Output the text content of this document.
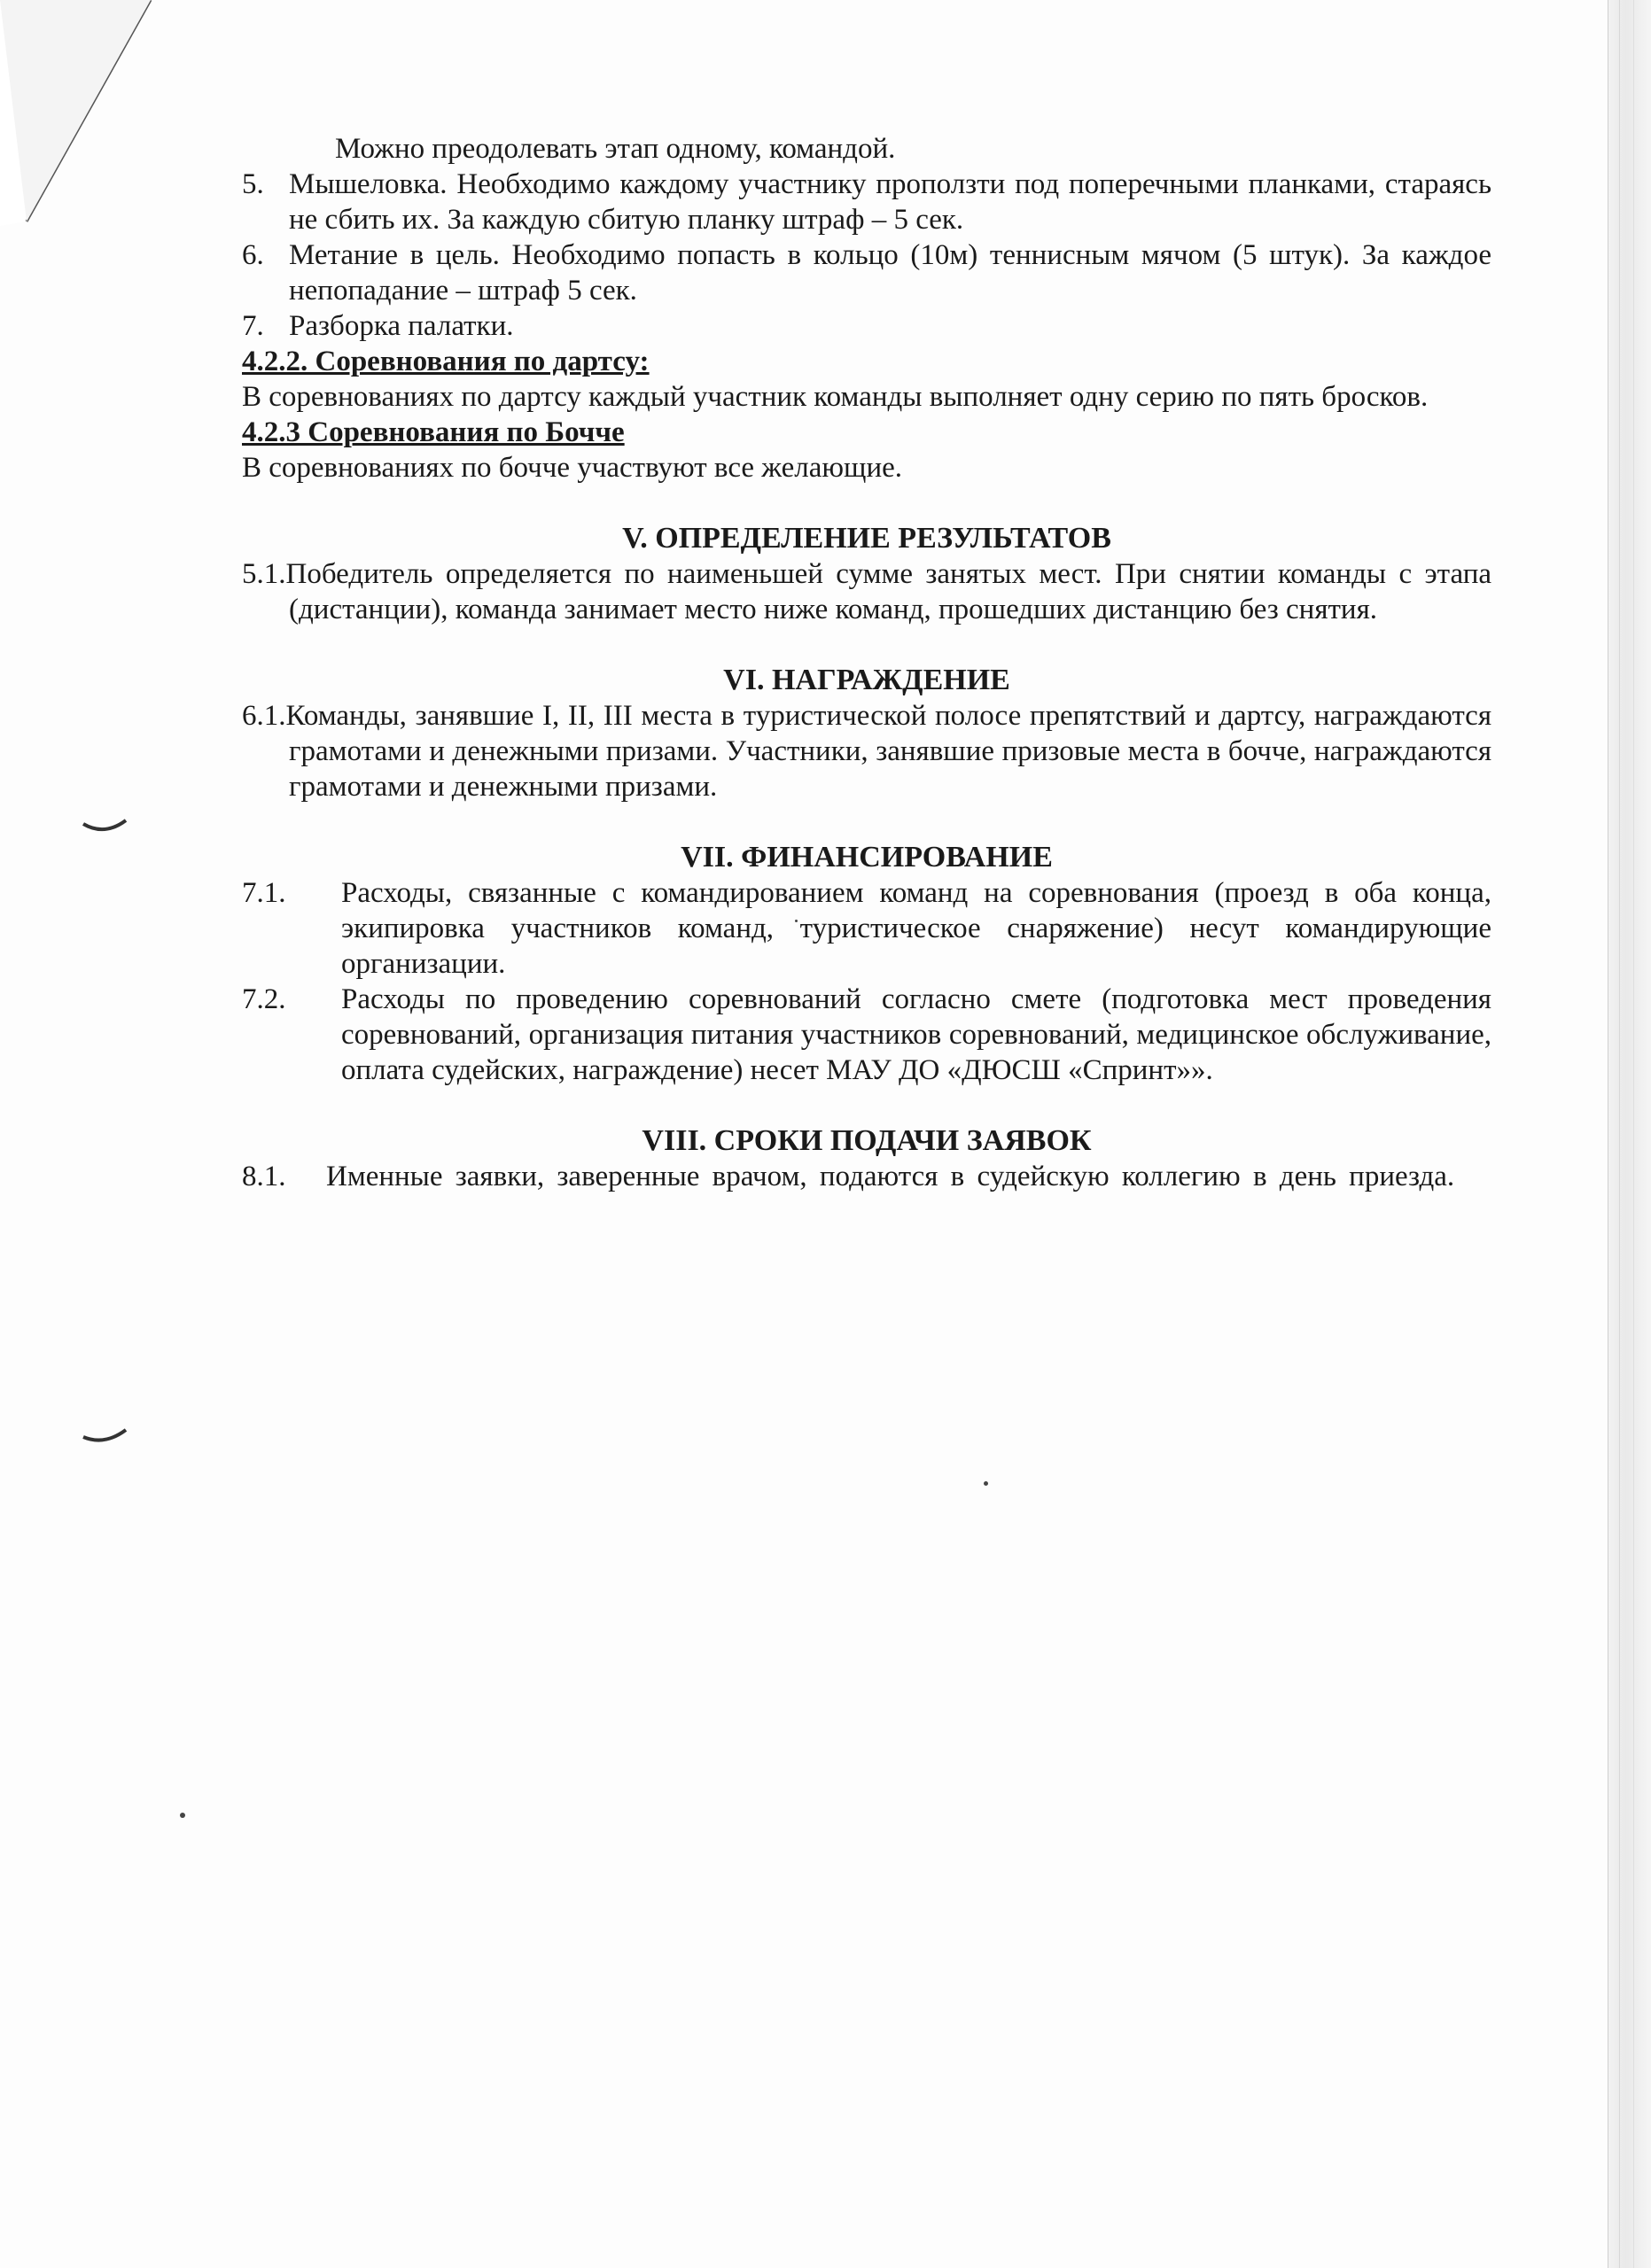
Можно преодолевать этап одному, командой.

5. Мышеловка. Необходимо каждому участнику проползти под поперечными планками, стараясь не сбить их. За каждую сбитую планку штраф – 5 сек.
6. Метание в цель. Необходимо попасть в кольцо (10м) теннисным мячом (5 штук). За каждое непопадание – штраф 5 сек.
7. Разборка палатки.

4.2.2. Соревнования по дартсу:

В соревнованиях по дартсу каждый участник команды выполняет одну серию по пять бросков.

4.2.3 Соревнования по Бочче

В соревнованиях по бочче участвуют все желающие.

V. ОПРЕДЕЛЕНИЕ РЕЗУЛЬТАТОВ

5.1.Победитель определяется по наименьшей сумме занятых мест. При снятии команды с этапа (дистанции), команда занимает место ниже команд, прошедших дистанцию без снятия.

VI. НАГРАЖДЕНИЕ

6.1.Команды, занявшие I, II, III места в туристической полосе препятствий и дартсу, награждаются грамотами и денежными призами. Участники, занявшие призовые места в бочче, награждаются грамотами и денежными призами.

VII. ФИНАНСИРОВАНИЕ

7.1.	Расходы, связанные с командированием команд на соревнования (проезд в оба конца, экипировка участников команд, туристическое снаряжение) несут командирующие организации.
7.2.	Расходы по проведению соревнований согласно смете (подготовка мест проведения соревнований, организация питания участников соревнований, медицинское обслуживание, оплата судейских, награждение) несет МАУ ДО «ДЮСШ «Спринт»».

VIII. СРОКИ ПОДАЧИ ЗАЯВОК

8.1.	Именные заявки, заверенные врачом, подаются в судейскую коллегию в день приезда.
